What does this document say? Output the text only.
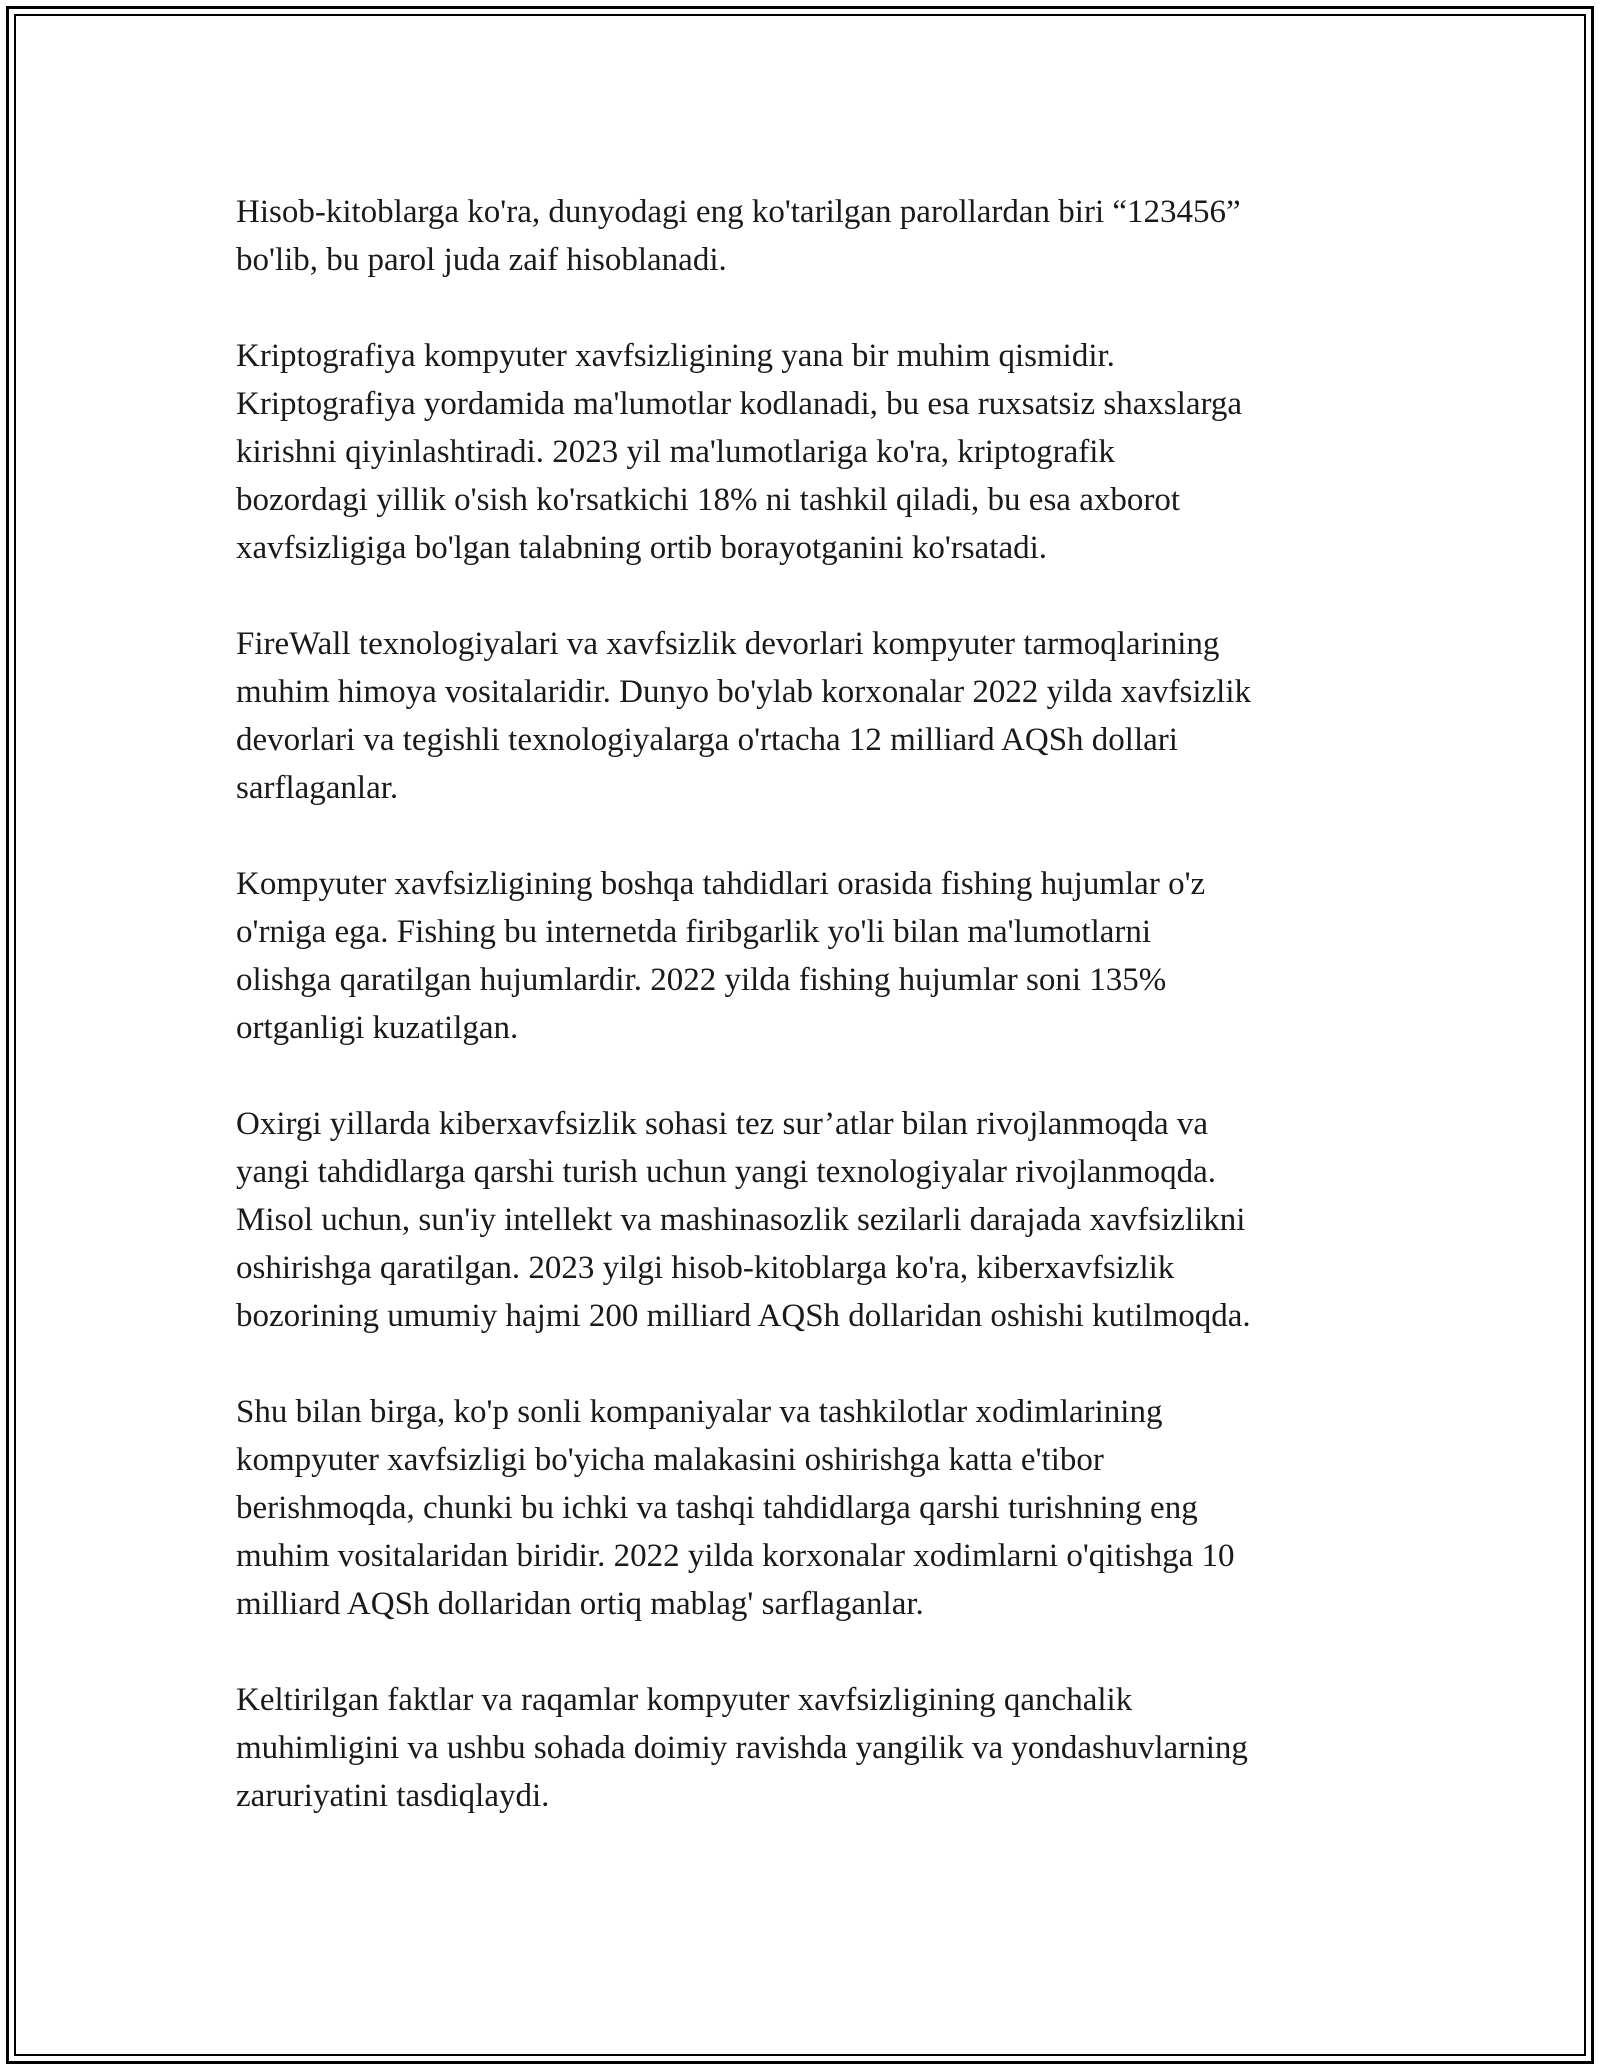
Hisob-kitoblarga ko'ra, dunyodagi eng ko'tarilgan parollardan biri “123456”
bo'lib, bu parol juda zaif hisoblanadi.

Kriptografiya kompyuter xavfsizligining yana bir muhim qismidir.
Kriptografiya yordamida ma'lumotlar kodlanadi, bu esa ruxsatsiz shaxslarga
kirishni qiyinlashtiradi. 2023 yil ma'lumotlariga ko'ra, kriptografik
bozordagi yillik o'sish ko'rsatkichi 18% ni tashkil qiladi, bu esa axborot
xavfsizligiga bo'lgan talabning ortib borayotganini ko'rsatadi.

FireWall texnologiyalari va xavfsizlik devorlari kompyuter tarmoqlarining
muhim himoya vositalaridir. Dunyo bo'ylab korxonalar 2022 yilda xavfsizlik
devorlari va tegishli texnologiyalarga o'rtacha 12 milliard AQSh dollari
sarflaganlar.

Kompyuter xavfsizligining boshqa tahdidlari orasida fishing hujumlar o'z
o'rniga ega. Fishing bu internetda firibgarlik yo'li bilan ma'lumotlarni
olishga qaratilgan hujumlardir. 2022 yilda fishing hujumlar soni 135%
ortganligi kuzatilgan.

Oxirgi yillarda kiberxavfsizlik sohasi tez sur’atlar bilan rivojlanmoqda va
yangi tahdidlarga qarshi turish uchun yangi texnologiyalar rivojlanmoqda.
Misol uchun, sun'iy intellekt va mashinasozlik sezilarli darajada xavfsizlikni
oshirishga qaratilgan. 2023 yilgi hisob-kitoblarga ko'ra, kiberxavfsizlik
bozorining umumiy hajmi 200 milliard AQSh dollaridan oshishi kutilmoqda.

Shu bilan birga, ko'p sonli kompaniyalar va tashkilotlar xodimlarining
kompyuter xavfsizligi bo'yicha malakasini oshirishga katta e'tibor
berishmoqda, chunki bu ichki va tashqi tahdidlarga qarshi turishning eng
muhim vositalaridan biridir. 2022 yilda korxonalar xodimlarni o'qitishga 10
milliard AQSh dollaridan ortiq mablag' sarflaganlar.

Keltirilgan faktlar va raqamlar kompyuter xavfsizligining qanchalik
muhimligini va ushbu sohada doimiy ravishda yangilik va yondashuvlarning
zaruriyatini tasdiqlaydi.
